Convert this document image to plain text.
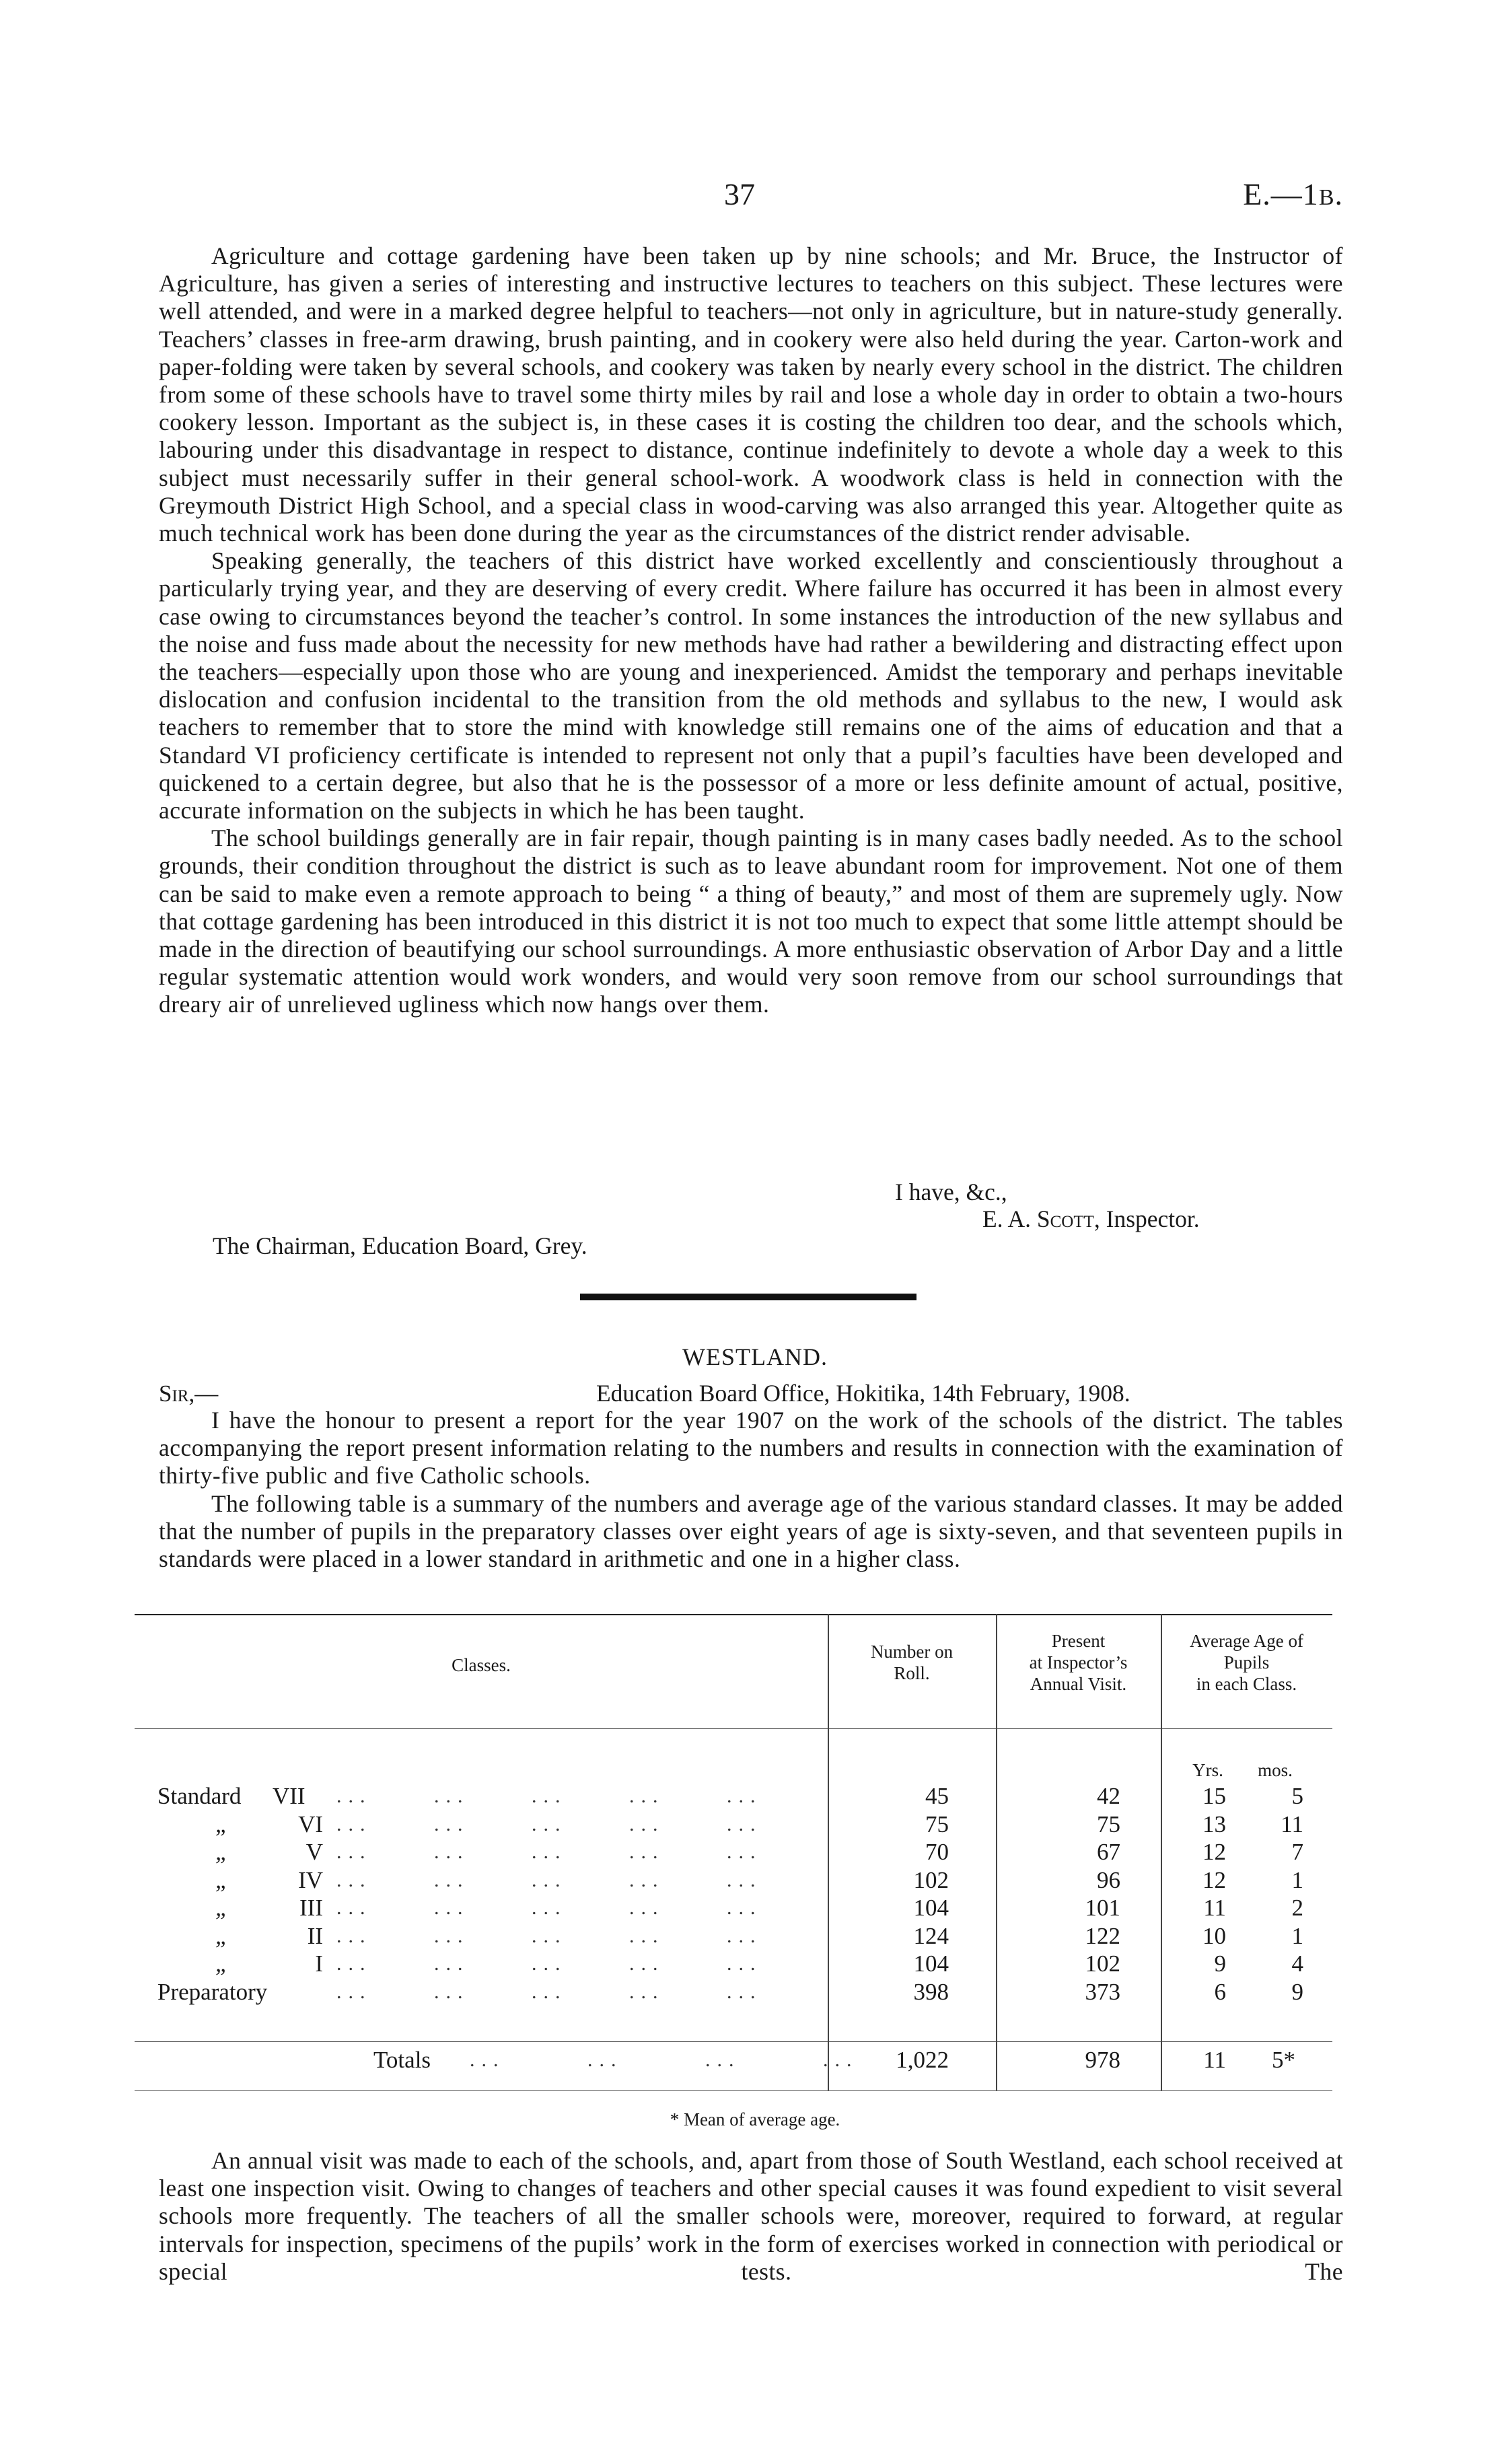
37	E.—1B.

Agriculture and cottage gardening have been taken up by nine schools; and Mr. Bruce, the Instructor of Agriculture, has given a series of interesting and instructive lectures to teachers on this subject. These lectures were well attended, and were in a marked degree helpful to teachers—not only in agriculture, but in nature-study generally. Teachers’ classes in free-arm drawing, brush painting, and in cookery were also held during the year. Carton-work and paper-folding were taken by several schools, and cookery was taken by nearly every school in the district. The children from some of these schools have to travel some thirty miles by rail and lose a whole day in order to obtain a two-hours cookery lesson. Important as the subject is, in these cases it is costing the children too dear, and the schools which, labouring under this disadvantage in respect to distance, continue indefinitely to devote a whole day a week to this subject must necessarily suffer in their general school-work. A woodwork class is held in connection with the Greymouth District High School, and a special class in wood-carving was also arranged this year. Altogether quite as much technical work has been done during the year as the circumstances of the district render advisable.

Speaking generally, the teachers of this district have worked excellently and conscientiously throughout a particularly trying year, and they are deserving of every credit. Where failure has occurred it has been in almost every case owing to circumstances beyond the teacher’s control. In some instances the introduction of the new syllabus and the noise and fuss made about the necessity for new methods have had rather a bewildering and distracting effect upon the teachers—especially upon those who are young and inexperienced. Amidst the temporary and perhaps inevitable dislocation and confusion incidental to the transition from the old methods and syllabus to the new, I would ask teachers to remember that to store the mind with knowledge still remains one of the aims of education and that a Standard VI proficiency certificate is intended to represent not only that a pupil’s faculties have been developed and quickened to a certain degree, but also that he is the possessor of a more or less definite amount of actual, positive, accurate information on the subjects in which he has been taught.

The school buildings generally are in fair repair, though painting is in many cases badly needed. As to the school grounds, their condition throughout the district is such as to leave abundant room for improvement. Not one of them can be said to make even a remote approach to being “ a thing of beauty,” and most of them are supremely ugly. Now that cottage gardening has been introduced in this district it is not too much to expect that some little attempt should be made in the direction of beautifying our school surroundings. A more enthusiastic observation of Arbor Day and a little regular systematic attention would work wonders, and would very soon remove from our school surroundings that dreary air of unrelieved ugliness which now hangs over them.

I have, &c.,
E. A. Scott, Inspector.
The Chairman, Education Board, Grey.
WESTLAND.
Sir,—	Education Board Office, Hokitika, 14th February, 1908.

I have the honour to present a report for the year 1907 on the work of the schools of the district. The tables accompanying the report present information relating to the numbers and results in connection with the examination of thirty-five public and five Catholic schools.

The following table is a summary of the numbers and average age of the various standard classes. It may be added that the number of pupils in the preparatory classes over eight years of age is sixty-seven, and that seventeen pupils in standards were placed in a lower standard in arithmetic and one in a higher class.

Classes.
Number on
Roll.
Present
at Inspector’s
Annual Visit.
Average Age of
Pupils
in each Class.
Yrs.	mos.
Standard VII ...	...	...	...	...	45	42	15	5
„	VI ...	...	...	...	...	75	75	13	11
„	V ...	...	...	...	...	70	67	12	7
„	IV ...	...	...	...	...	102	96	12	1
„	III ...	...	...	...	...	104	101	11	2
„	II ...	...	...	...	...	124	122	10	1
„	I ...	...	...	...	...	104	102	9	4
Preparatory	...	...	...	...	...	398	373	6	9
Totals ...	...	...	...	1,022	978	11 5*
* Mean of average age.

An annual visit was made to each of the schools, and, apart from those of South Westland, each school received at least one inspection visit. Owing to changes of teachers and other special causes it was found expedient to visit several schools more frequently. The teachers of all the smaller schools were, moreover, required to forward, at regular intervals for inspection, specimens of the pupils’ work in the form of exercises worked in connection with periodical or special tests. The
